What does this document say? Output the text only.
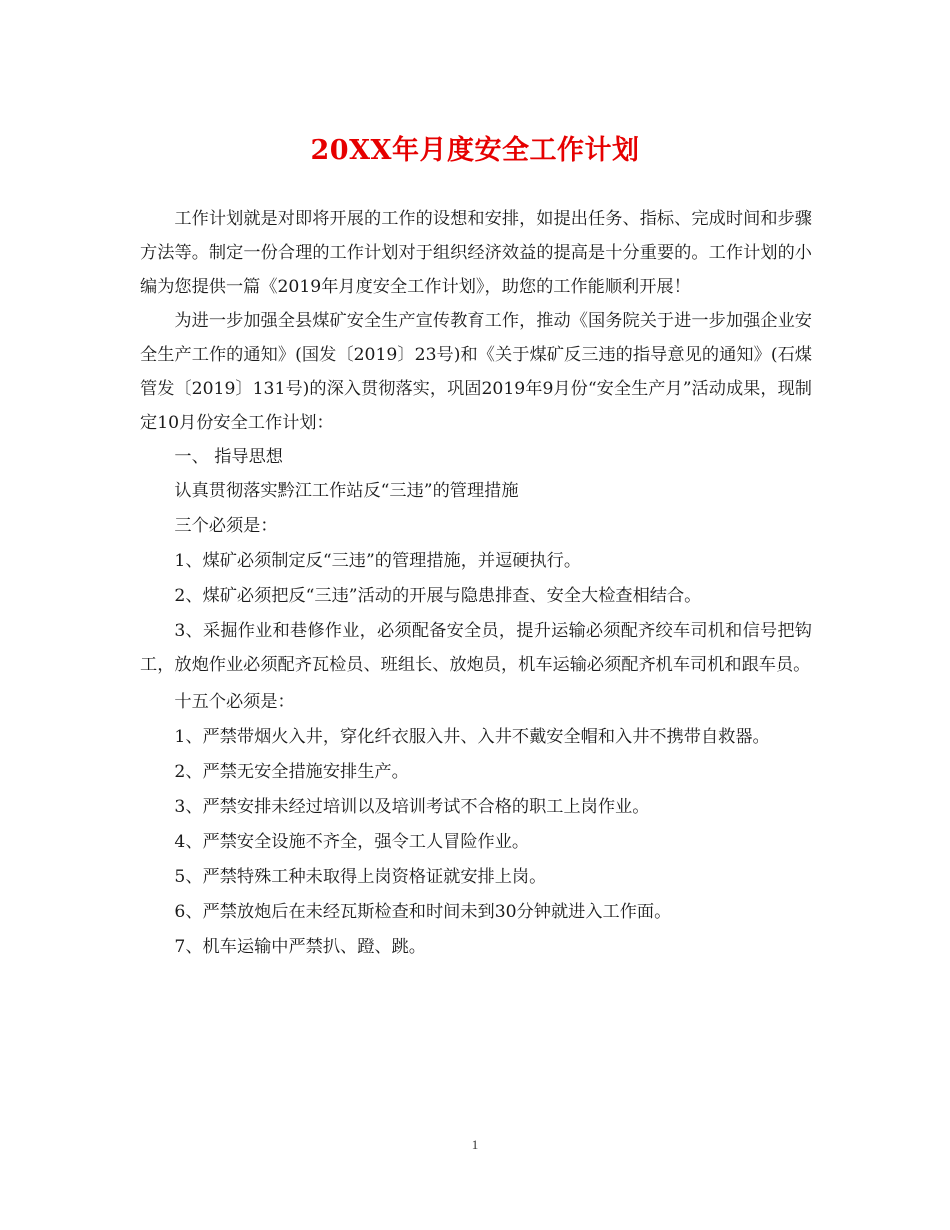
20XX年月度安全工作计划

工作计划就是对即将开展的工作的设想和安排，如提出任务、指标、完成时间和步骤方法等。制定一份合理的工作计划对于组织经济效益的提高是十分重要的。工作计划的小编为您提供一篇《2019年月度安全工作计划》，助您的工作能顺利开展！

为进一步加强全县煤矿安全生产宣传教育工作，推动《国务院关于进一步加强企业安全生产工作的通知》(国发〔2019〕23号)和《关于煤矿反三违的指导意见的通知》(石煤管发〔2019〕131号)的深入贯彻落实，巩固2019年9月份“安全生产月”活动成果，现制定10月份安全工作计划：

一、 指导思想

认真贯彻落实黔江工作站反“三违”的管理措施

三个必须是：

1、煤矿必须制定反“三违”的管理措施，并逗硬执行。

2、煤矿必须把反“三违”活动的开展与隐患排查、安全大检查相结合。

3、采掘作业和巷修作业，必须配备安全员，提升运输必须配齐绞车司机和信号把钩工，放炮作业必须配齐瓦检员、班组长、放炮员，机车运输必须配齐机车司机和跟车员。

十五个必须是：

1、严禁带烟火入井，穿化纤衣服入井、入井不戴安全帽和入井不携带自救器。

2、严禁无安全措施安排生产。

3、严禁安排未经过培训以及培训考试不合格的职工上岗作业。

4、严禁安全设施不齐全，强令工人冒险作业。

5、严禁特殊工种未取得上岗资格证就安排上岗。

6、严禁放炮后在未经瓦斯检查和时间未到30分钟就进入工作面。

7、机车运输中严禁扒、蹬、跳。

1
